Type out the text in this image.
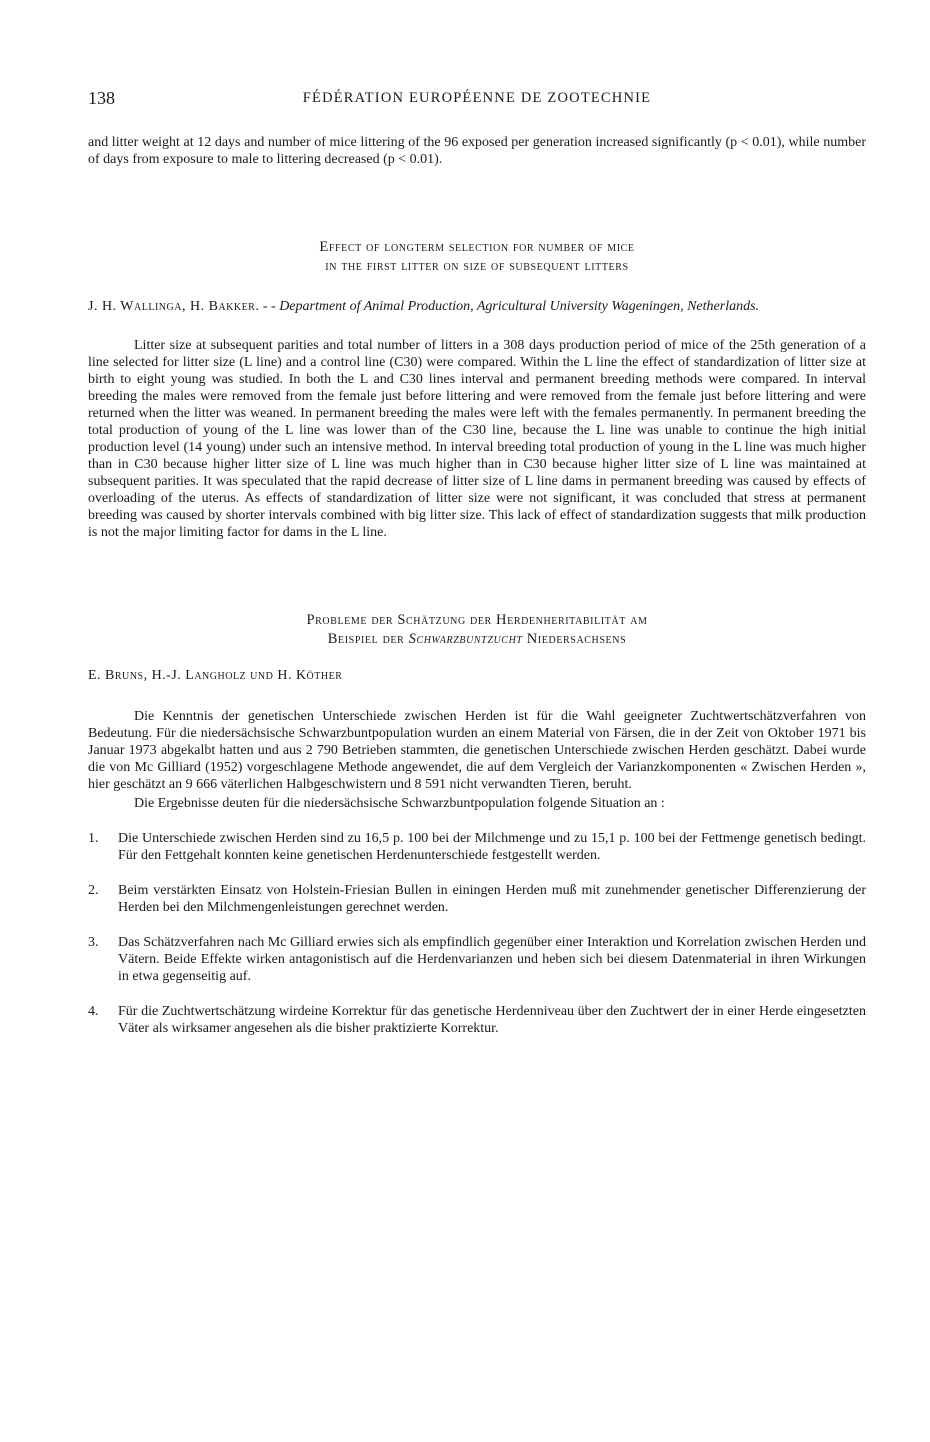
138	FÉDÉRATION EUROPÉENNE DE ZOOTECHNIE

and litter weight at 12 days and number of mice littering of the 96 exposed per generation increased significantly (p < 0.01), while number of days from exposure to male to littering decreased (p < 0.01).

Effect of longterm selection for number of mice
in the first litter on size of subsequent litters
J. H. Wallinga, H. Bakker. - - Department of Animal Production, Agricultural University Wageningen, Netherlands.

Litter size at subsequent parities and total number of litters in a 308 days production period of mice of the 25th generation of a line selected for litter size (L line) and a control line (C30) were compared. Within the L line the effect of standardization of litter size at birth to eight young was studied. In both the L and C30 lines interval and permanent breeding methods were compared. In interval breeding the males were removed from the female just before littering and were removed from the female just before littering and were returned when the litter was weaned. In permanent breeding the males were left with the females permanently. In permanent breeding the total production of young of the L line was lower than of the C30 line, because the L line was unable to continue the high initial production level (14 young) under such an intensive method. In interval breeding total production of young in the L line was much higher than in C30 because higher litter size of L line was much higher than in C30 because higher litter size of L line was maintained at subsequent parities. It was speculated that the rapid decrease of litter size of L line dams in permanent breeding was caused by effects of overloading of the uterus. As effects of standardization of litter size were not significant, it was concluded that stress at permanent breeding was caused by shorter intervals combined with big litter size. This lack of effect of standardization suggests that milk production is not the major limiting factor for dams in the L line.

Probleme der Schätzung der Herdenheritabilität am
Beispiel der Schwarzbuntzucht Niedersachsens
E. Bruns, H.-J. Langholz und H. Köther

Die Kenntnis der genetischen Unterschiede zwischen Herden ist für die Wahl geeigneter Zuchtwertschätzverfahren von Bedeutung. Für die niedersächsische Schwarzbuntpopulation wurden an einem Material von Färsen, die in der Zeit von Oktober 1971 bis Januar 1973 abgekalbt hatten und aus 2 790 Betrieben stammten, die genetischen Unterschiede zwischen Herden geschätzt. Dabei wurde die von Mc Gilliard (1952) vorgeschlagene Methode angewendet, die auf dem Vergleich der Varianzkomponenten « Zwischen Herden », hier geschätzt an 9 666 väterlichen Halbgeschwistern und 8 591 nicht verwandten Tieren, beruht.

Die Ergebnisse deuten für die niedersächsische Schwarzbuntpopulation folgende Situation an :

1. Die Unterschiede zwischen Herden sind zu 16,5 p. 100 bei der Milchmenge und zu 15,1 p. 100 bei der Fettmenge genetisch bedingt. Für den Fettgehalt konnten keine genetischen Herdenunterschiede festgestellt werden.
2. Beim verstärkten Einsatz von Holstein-Friesian Bullen in einingen Herden muß mit zunehmender genetischer Differenzierung der Herden bei den Milchmengenleistungen gerechnet werden.
3. Das Schätzverfahren nach Mc Gilliard erwies sich als empfindlich gegenüber einer Interaktion und Korrelation zwischen Herden und Vätern. Beide Effekte wirken antagonistisch auf die Herdenvarianzen und heben sich bei diesem Datenmaterial in ihren Wirkungen in etwa gegenseitig auf.
4. Für die Zuchtwertschätzung wirdeine Korrektur für das genetische Herdenniveau über den Zuchtwert der in einer Herde eingesetzten Väter als wirksamer angesehen als die bisher praktizierte Korrektur.
